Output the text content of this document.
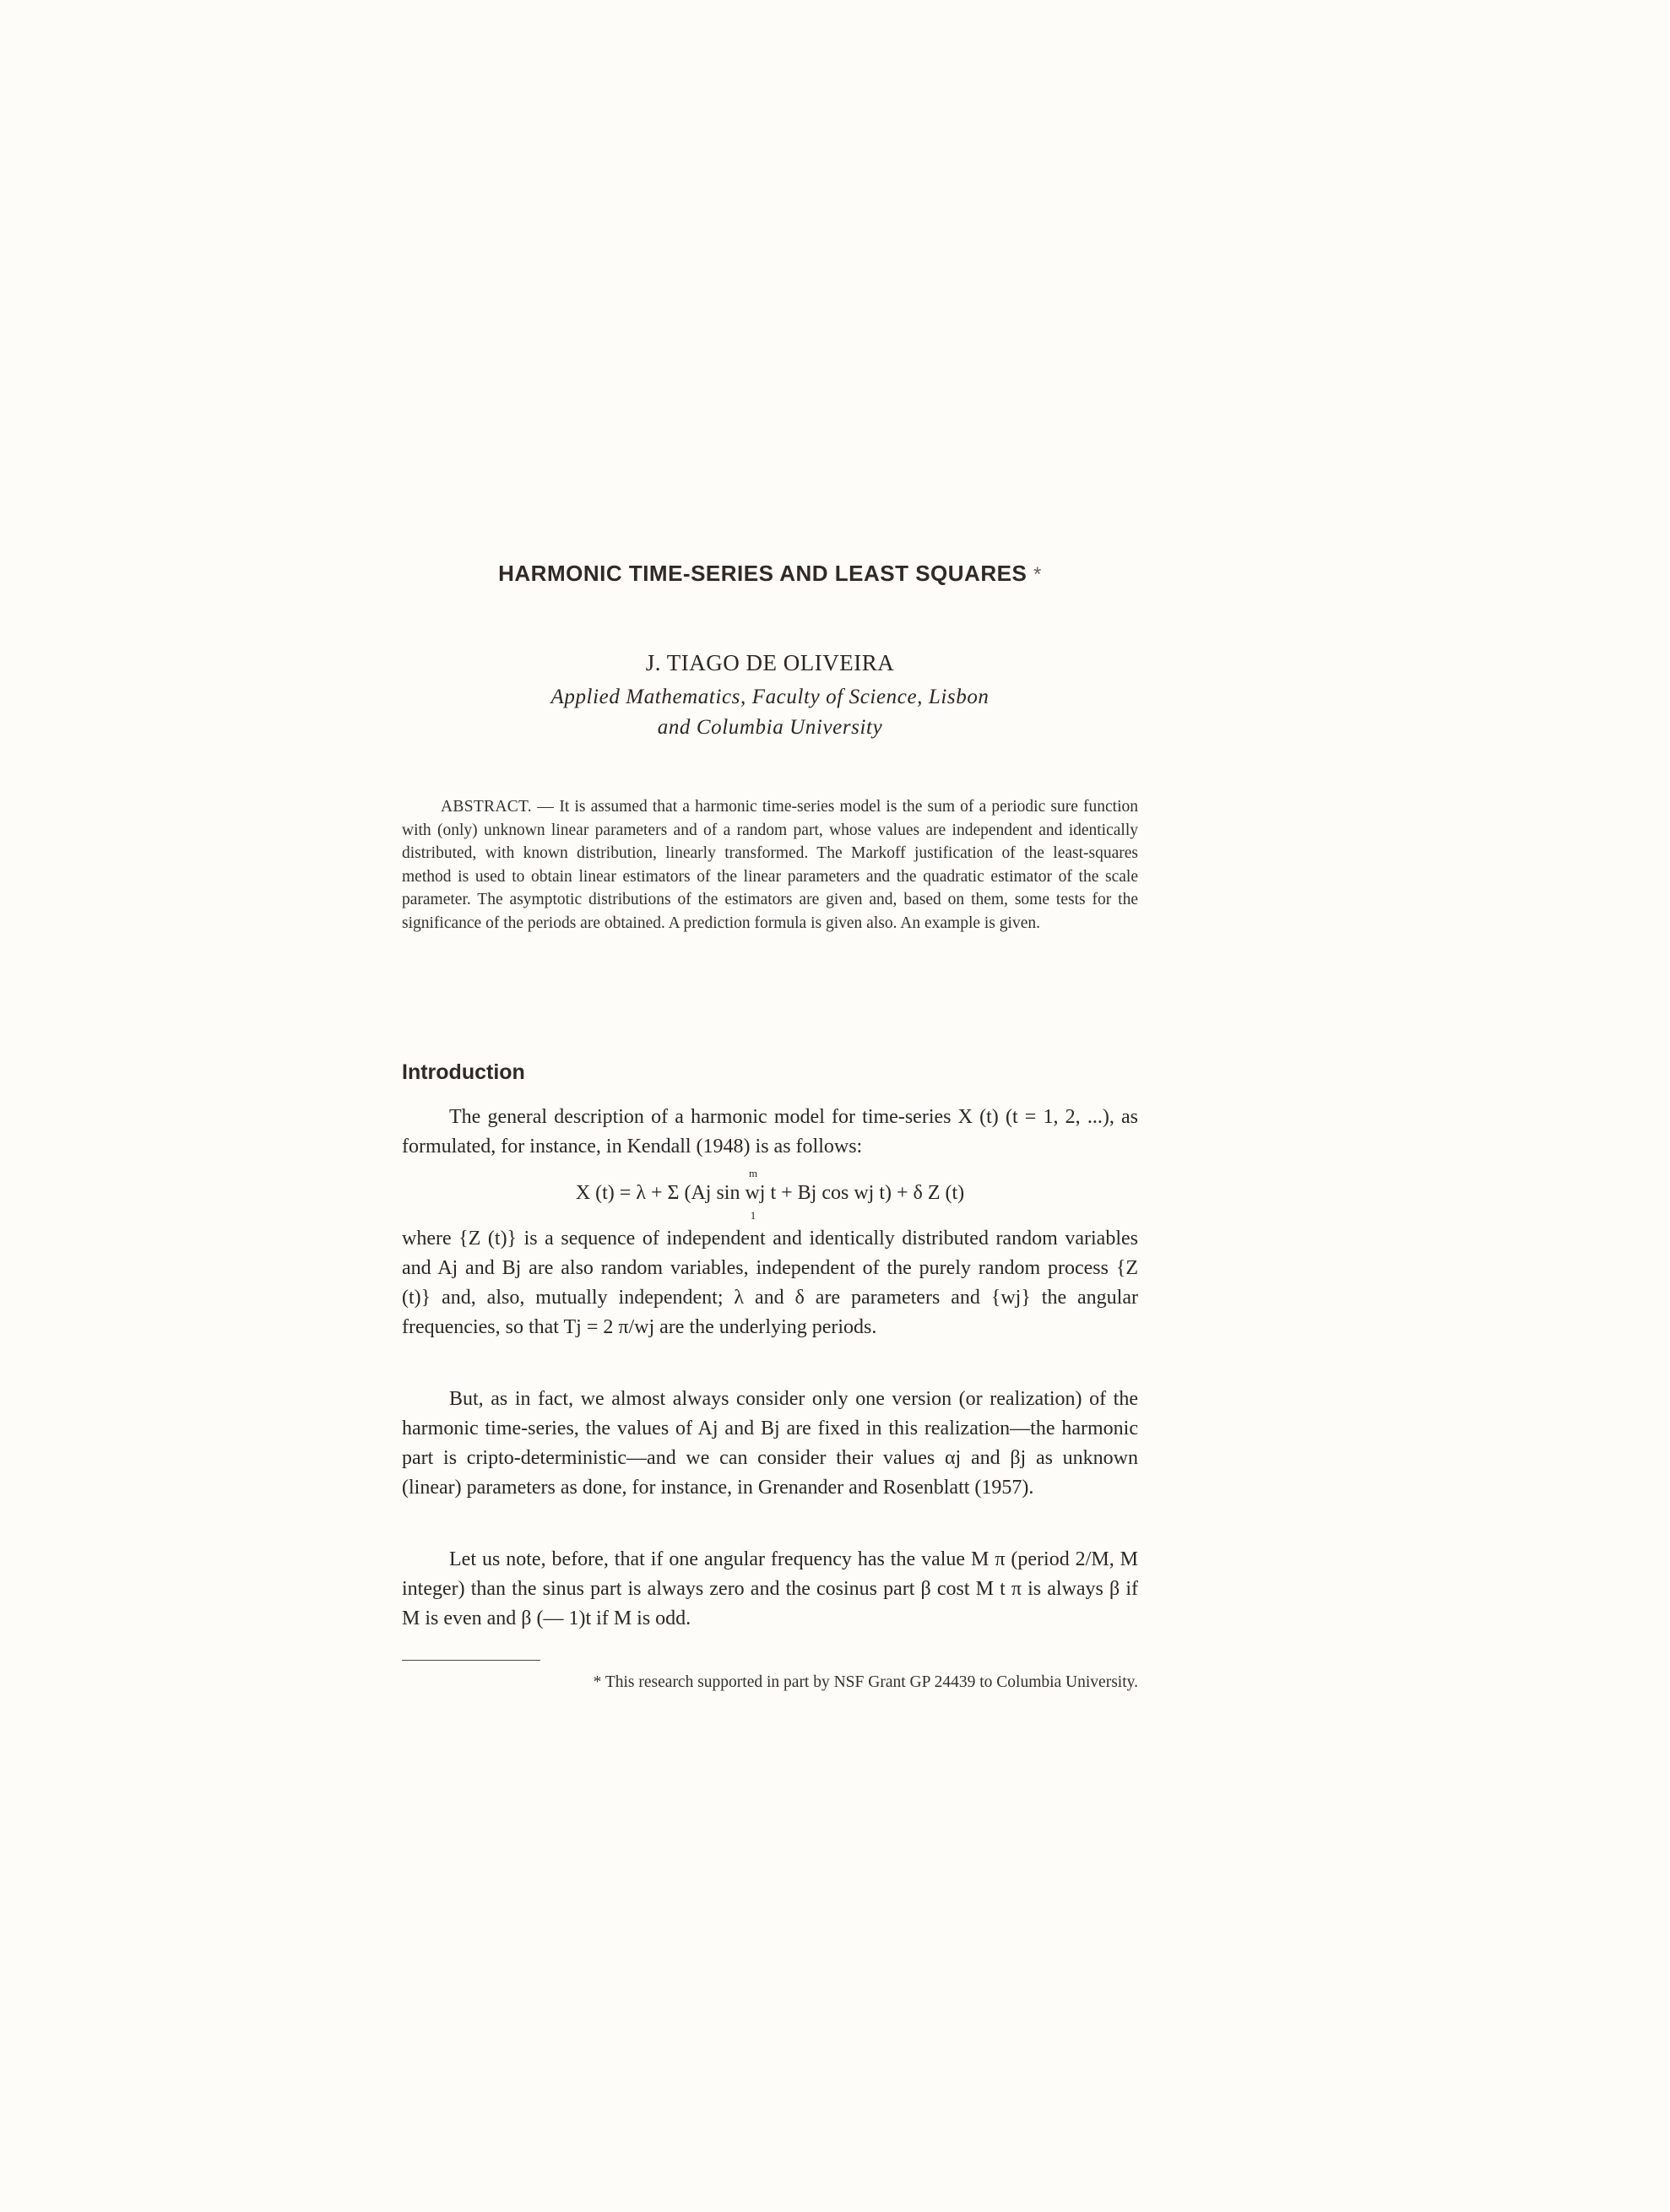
HARMONIC TIME-SERIES AND LEAST SQUARES *
J. TIAGO DE OLIVEIRA
Applied Mathematics, Faculty of Science, Lisbon
and Columbia University
ABSTRACT. — It is assumed that a harmonic time-series model is the sum of a periodic sure function with (only) unknown linear parameters and of a random part, whose values are independent and identically distributed, with known distribution, linearly transformed. The Markoff justification of the least-squares method is used to obtain linear estimators of the linear parameters and the quadratic estimator of the scale parameter. The asymptotic distributions of the estimators are given and, based on them, some tests for the significance of the periods are obtained. A prediction formula is given also. An example is given.
Introduction

The general description of a harmonic model for time-series X (t) (t = 1, 2, ...), as formulated, for instance, in Kendall (1948) is as follows:

m
X (t) = λ + Σ (Aj sin wj t + Bj cos wj t) + δ Z (t)
1

where {Z (t)} is a sequence of independent and identically distributed random variables and Aj and Bj are also random variables, independent of the purely random process {Z (t)} and, also, mutually independent; λ and δ are parameters and {wj} the angular frequencies, so that Tj = 2 π/wj are the underlying periods.

But, as in fact, we almost always consider only one version (or realization) of the harmonic time-series, the values of Aj and Bj are fixed in this realization—the harmonic part is cripto-deterministic—and we can consider their values αj and βj as unknown (linear) parameters as done, for instance, in Grenander and Rosenblatt (1957).

Let us note, before, that if one angular frequency has the value M π (period 2/M, M integer) than the sinus part is always zero and the cosinus part β cost M t π is always β if M is even and β (— 1)t if M is odd.

* This research supported in part by NSF Grant GP 24439 to Columbia University.
